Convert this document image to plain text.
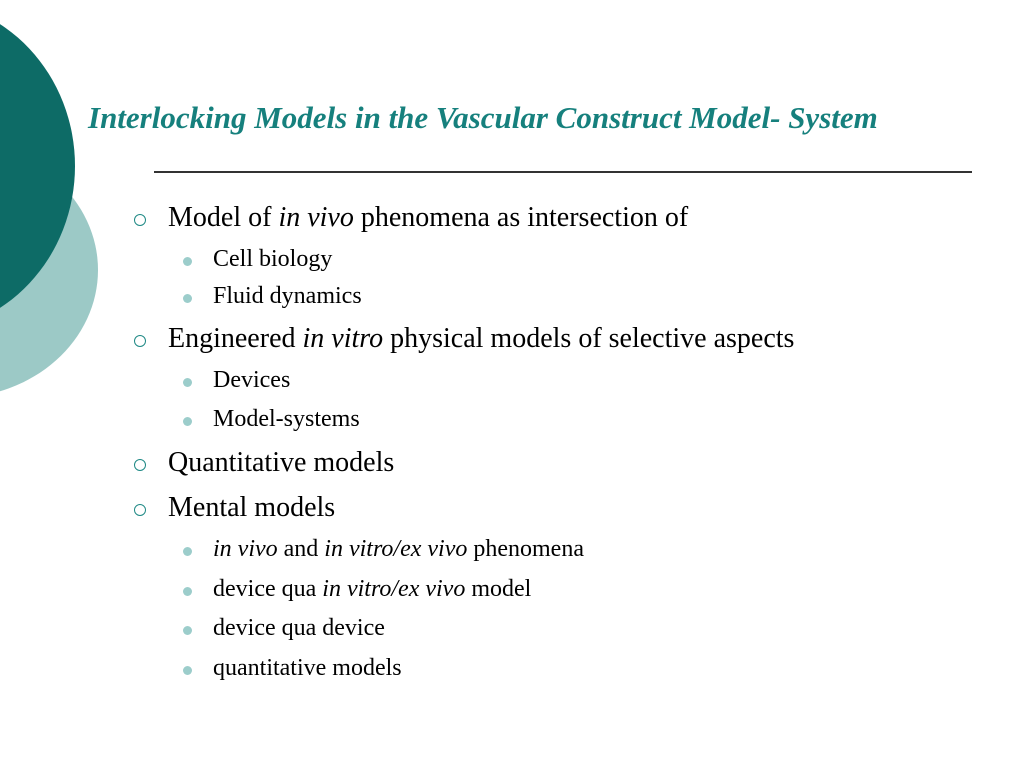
Interlocking Models in the Vascular Construct Model- System
Model of in vivo phenomena as intersection of
Cell biology
Fluid dynamics
Engineered in vitro physical models of selective aspects
Devices
Model-systems
Quantitative models
Mental models
in vivo and in vitro/ex vivo phenomena
device qua in vitro/ex vivo model
device qua device
quantitative models
